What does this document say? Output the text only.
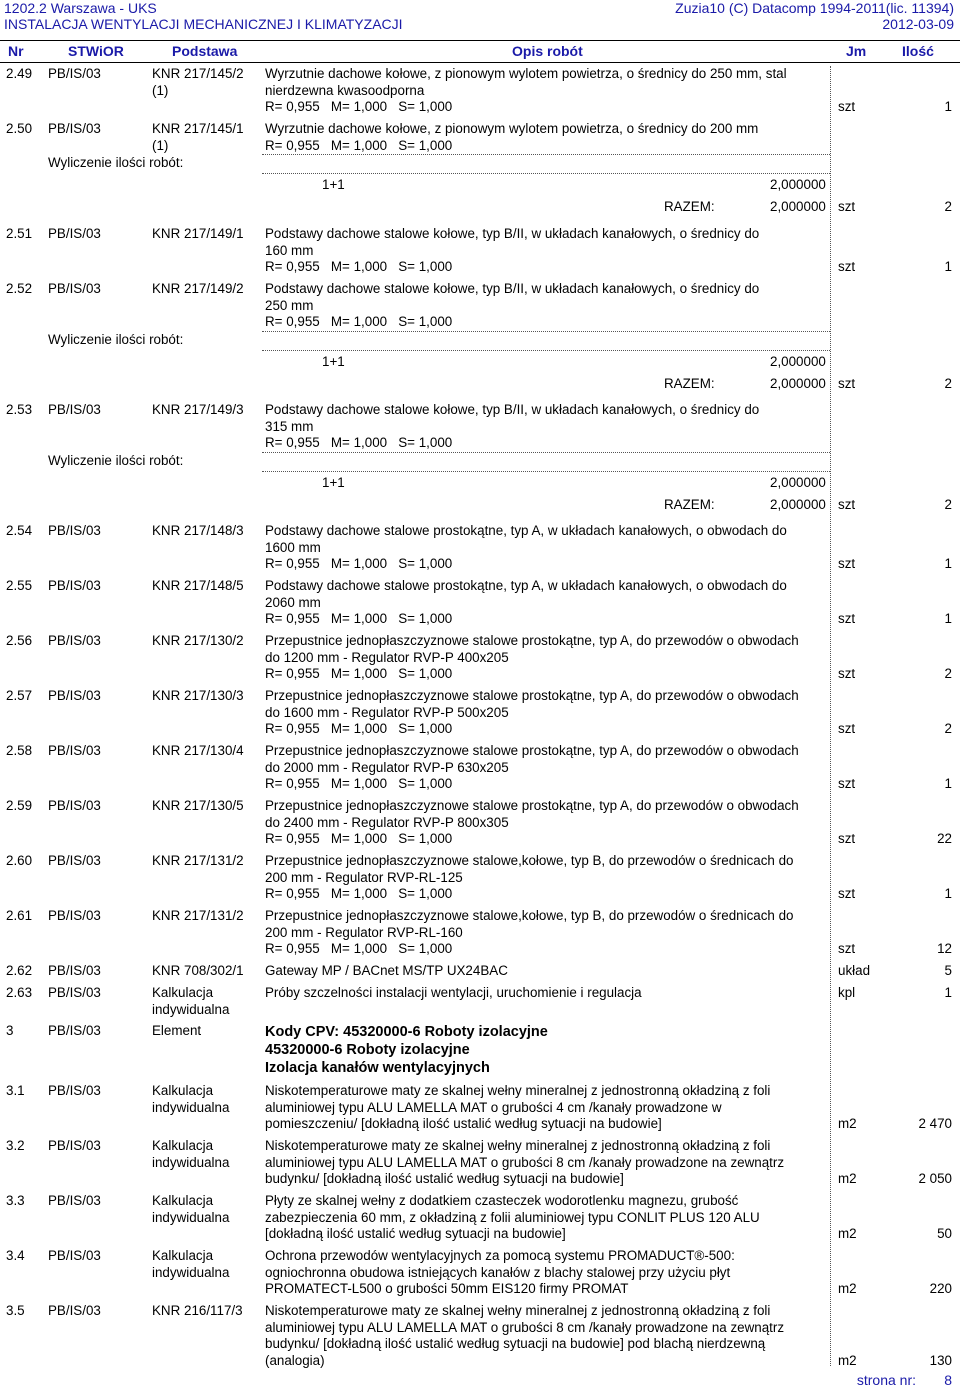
1202.2 Warszawa - UKS
INSTALACJA WENTYLACJI MECHANICZNEJ I KLIMATYZACJI
Zuzia10 (C) Datacomp 1994-2011(lic. 11394)
2012-03-09
Nr	STWiOR	Podstawa	Opis robót	Jm	Ilość
2.49	PB/IS/03	KNR 217/145/2
(1)
Wyrzutnie dachowe kołowe, z pionowym wylotem powietrza, o średnicy do 250 mm, stal
nierdzewna kwasoodporna
R= 0,955   M= 1,000   S= 1,000	szt	1
2.50	PB/IS/03	KNR 217/145/1
(1)
Wyrzutnie dachowe kołowe, z pionowym wylotem powietrza, o średnicy do 200 mm
R= 0,955   M= 1,000   S= 1,000
Wyliczenie ilości robót:
1+1	2,000000
RAZEM:	2,000000 szt	2
2.51	PB/IS/03	KNR 217/149/1	Podstawy dachowe stalowe kołowe, typ B/II, w układach kanałowych, o średnicy do
160 mm
R= 0,955   M= 1,000   S= 1,000	szt	1
2.52	PB/IS/03	KNR 217/149/2	Podstawy dachowe stalowe kołowe, typ B/II, w układach kanałowych, o średnicy do
250 mm
R= 0,955   M= 1,000   S= 1,000
Wyliczenie ilości robót:
1+1	2,000000
RAZEM:	2,000000 szt	2
2.53	PB/IS/03	KNR 217/149/3	Podstawy dachowe stalowe kołowe, typ B/II, w układach kanałowych, o średnicy do
315 mm
R= 0,955   M= 1,000   S= 1,000
Wyliczenie ilości robót:
1+1	2,000000
RAZEM:	2,000000 szt	2
2.54	PB/IS/03	KNR 217/148/3	Podstawy dachowe stalowe prostokątne, typ A, w układach kanałowych, o obwodach do
1600 mm
R= 0,955   M= 1,000   S= 1,000	szt	1
2.55	PB/IS/03	KNR 217/148/5	Podstawy dachowe stalowe prostokątne, typ A, w układach kanałowych, o obwodach do
2060 mm
R= 0,955   M= 1,000   S= 1,000	szt	1
2.56	PB/IS/03	KNR 217/130/2	Przepustnice jednopłaszczyznowe stalowe prostokątne, typ A, do przewodów o obwodach
do 1200 mm - Regulator RVP-P 400x205
R= 0,955   M= 1,000   S= 1,000	szt	2
2.57	PB/IS/03	KNR 217/130/3	Przepustnice jednopłaszczyznowe stalowe prostokątne, typ A, do przewodów o obwodach
do 1600 mm - Regulator RVP-P 500x205
R= 0,955   M= 1,000   S= 1,000	szt	2
2.58	PB/IS/03	KNR 217/130/4	Przepustnice jednopłaszczyznowe stalowe prostokątne, typ A, do przewodów o obwodach
do 2000 mm - Regulator RVP-P 630x205
R= 0,955   M= 1,000   S= 1,000	szt	1
2.59	PB/IS/03	KNR 217/130/5	Przepustnice jednopłaszczyznowe stalowe prostokątne, typ A, do przewodów o obwodach
do 2400 mm - Regulator RVP-P 800x305
R= 0,955   M= 1,000   S= 1,000	szt	22
2.60	PB/IS/03	KNR 217/131/2	Przepustnice jednopłaszczyznowe stalowe,kołowe, typ B, do przewodów o średnicach do
200 mm - Regulator RVP-RL-125
R= 0,955   M= 1,000   S= 1,000	szt	1
2.61	PB/IS/03	KNR 217/131/2	Przepustnice jednopłaszczyznowe stalowe,kołowe, typ B, do przewodów o średnicach do
200 mm - Regulator RVP-RL-160
R= 0,955   M= 1,000   S= 1,000	szt	12
2.62	PB/IS/03	KNR 708/302/1	Gateway MP / BACnet MS/TP UX24BAC	układ	5
2.63	PB/IS/03	Kalkulacja
indywidualna
Próby szczelności instalacji wentylacji, uruchomienie i regulacja	kpl	1
3	PB/IS/03	Element	Kody CPV: 45320000-6 Roboty izolacyjne
45320000-6 Roboty izolacyjne
Izolacja kanałów wentylacyjnych
3.1	PB/IS/03	Kalkulacja
indywidualna
Niskotemperaturowe maty ze skalnej wełny mineralnej z jednostronną okładziną z foli
aluminiowej typu ALU LAMELLA MAT o grubości 4 cm /kanały prowadzone w
pomieszczeniu/ [dokładną ilość ustalić według sytuacji na budowie]	m2	2 470
3.2	PB/IS/03	Kalkulacja
indywidualna
Niskotemperaturowe maty ze skalnej wełny mineralnej z jednostronną okładziną z foli
aluminiowej typu ALU LAMELLA MAT o grubości 8 cm /kanały prowadzone na zewnątrz
budynku/ [dokładną ilość ustalić według sytuacji na budowie]	m2	2 050
3.3	PB/IS/03	Kalkulacja
indywidualna
Płyty ze skalnej wełny z dodatkiem czasteczek wodorotlenku magnezu, grubość
zabezpieczenia 60 mm, z okładziną z folii aluminiowej typu CONLIT PLUS 120 ALU
[dokładną ilość ustalić według sytuacji na budowie]	m2	50
3.4	PB/IS/03	Kalkulacja
indywidualna
Ochrona przewodów wentylacyjnych za pomocą systemu PROMADUCT®-500:
ogniochronna obudowa istniejących kanałów z blachy stalowej przy użyciu płyt
PROMATECT-L500 o grubości 50mm EIS120 firmy PROMAT	m2	220
3.5	PB/IS/03	KNR 216/117/3	Niskotemperaturowe maty ze skalnej wełny mineralnej z jednostronną okładziną z foli
aluminiowej typu ALU LAMELLA MAT o grubości 8 cm /kanały prowadzone na zewnątrz
budynku/ [dokładną ilość ustalić według sytuacji na budowie] pod blachą nierdzewną
(analogia)	m2	130
strona nr: 8
